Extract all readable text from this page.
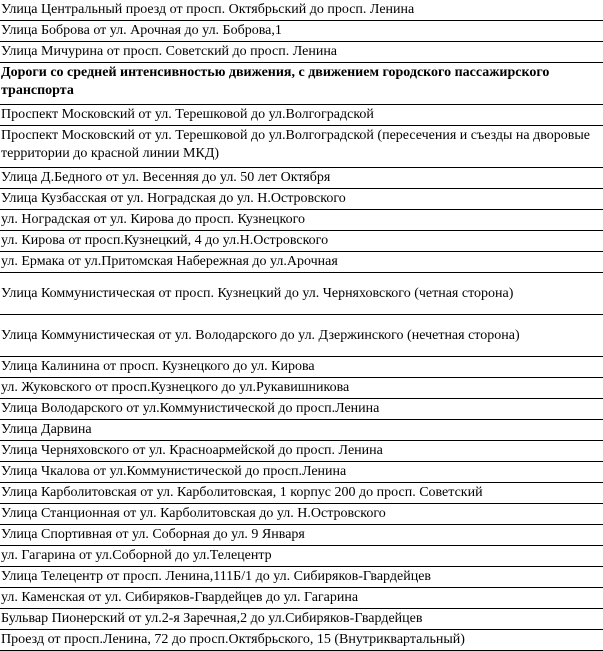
Улица Центральный проезд от просп. Октябрьский до просп. Ленина
Улица Боброва от ул. Арочная до ул. Боброва,1
Улица Мичурина от просп. Советский до просп. Ленина
Дороги со средней интенсивностью движения, с движением городского пассажирского транспорта
Проспект Московский от ул. Терешковой до ул.Волгоградской
Проспект Московский от ул. Терешковой до ул.Волгоградской (пересечения и съезды на дворовые территории до красной линии МКД)
Улица Д.Бедного от ул. Весенняя до ул. 50 лет Октября
Улица Кузбасская от ул. Ноградская до ул. Н.Островского
ул. Ноградская от ул. Кирова до просп. Кузнецкого
ул. Кирова от просп.Кузнецкий, 4 до ул.Н.Островского
ул. Ермака от ул.Притомская Набережная до ул.Арочная
Улица Коммунистическая от просп. Кузнецкий до ул. Черняховского (четная сторона)
Улица Коммунистическая от ул. Володарского до ул. Дзержинского (нечетная сторона)
Улица Калинина от просп. Кузнецкого до ул. Кирова
ул. Жуковского от просп.Кузнецкого до ул.Рукавишникова
Улица Володарского от ул.Коммунистической до просп.Ленина
Улица Дарвина
Улица Черняховского от ул. Красноармейской до просп. Ленина
Улица Чкалова от ул.Коммунистической до просп.Ленина
Улица Карболитовская от ул. Карболитовская, 1 корпус 200 до просп. Советский
Улица Станционная от ул. Карболитовская до ул. Н.Островского
Улица Спортивная от ул. Соборная до ул. 9 Января
ул. Гагарина от ул.Соборной до ул.Телецентр
Улица Телецентр от просп. Ленина,111Б/1 до ул. Сибиряков-Гвардейцев
ул. Каменская от ул. Сибиряков-Гвардейцев до ул. Гагарина
Бульвар Пионерский от ул.2-я Заречная,2 до ул.Сибиряков-Гвардейцев
Проезд от просп.Ленина, 72 до просп.Октябрьского, 15 (Внутриквартальный)
